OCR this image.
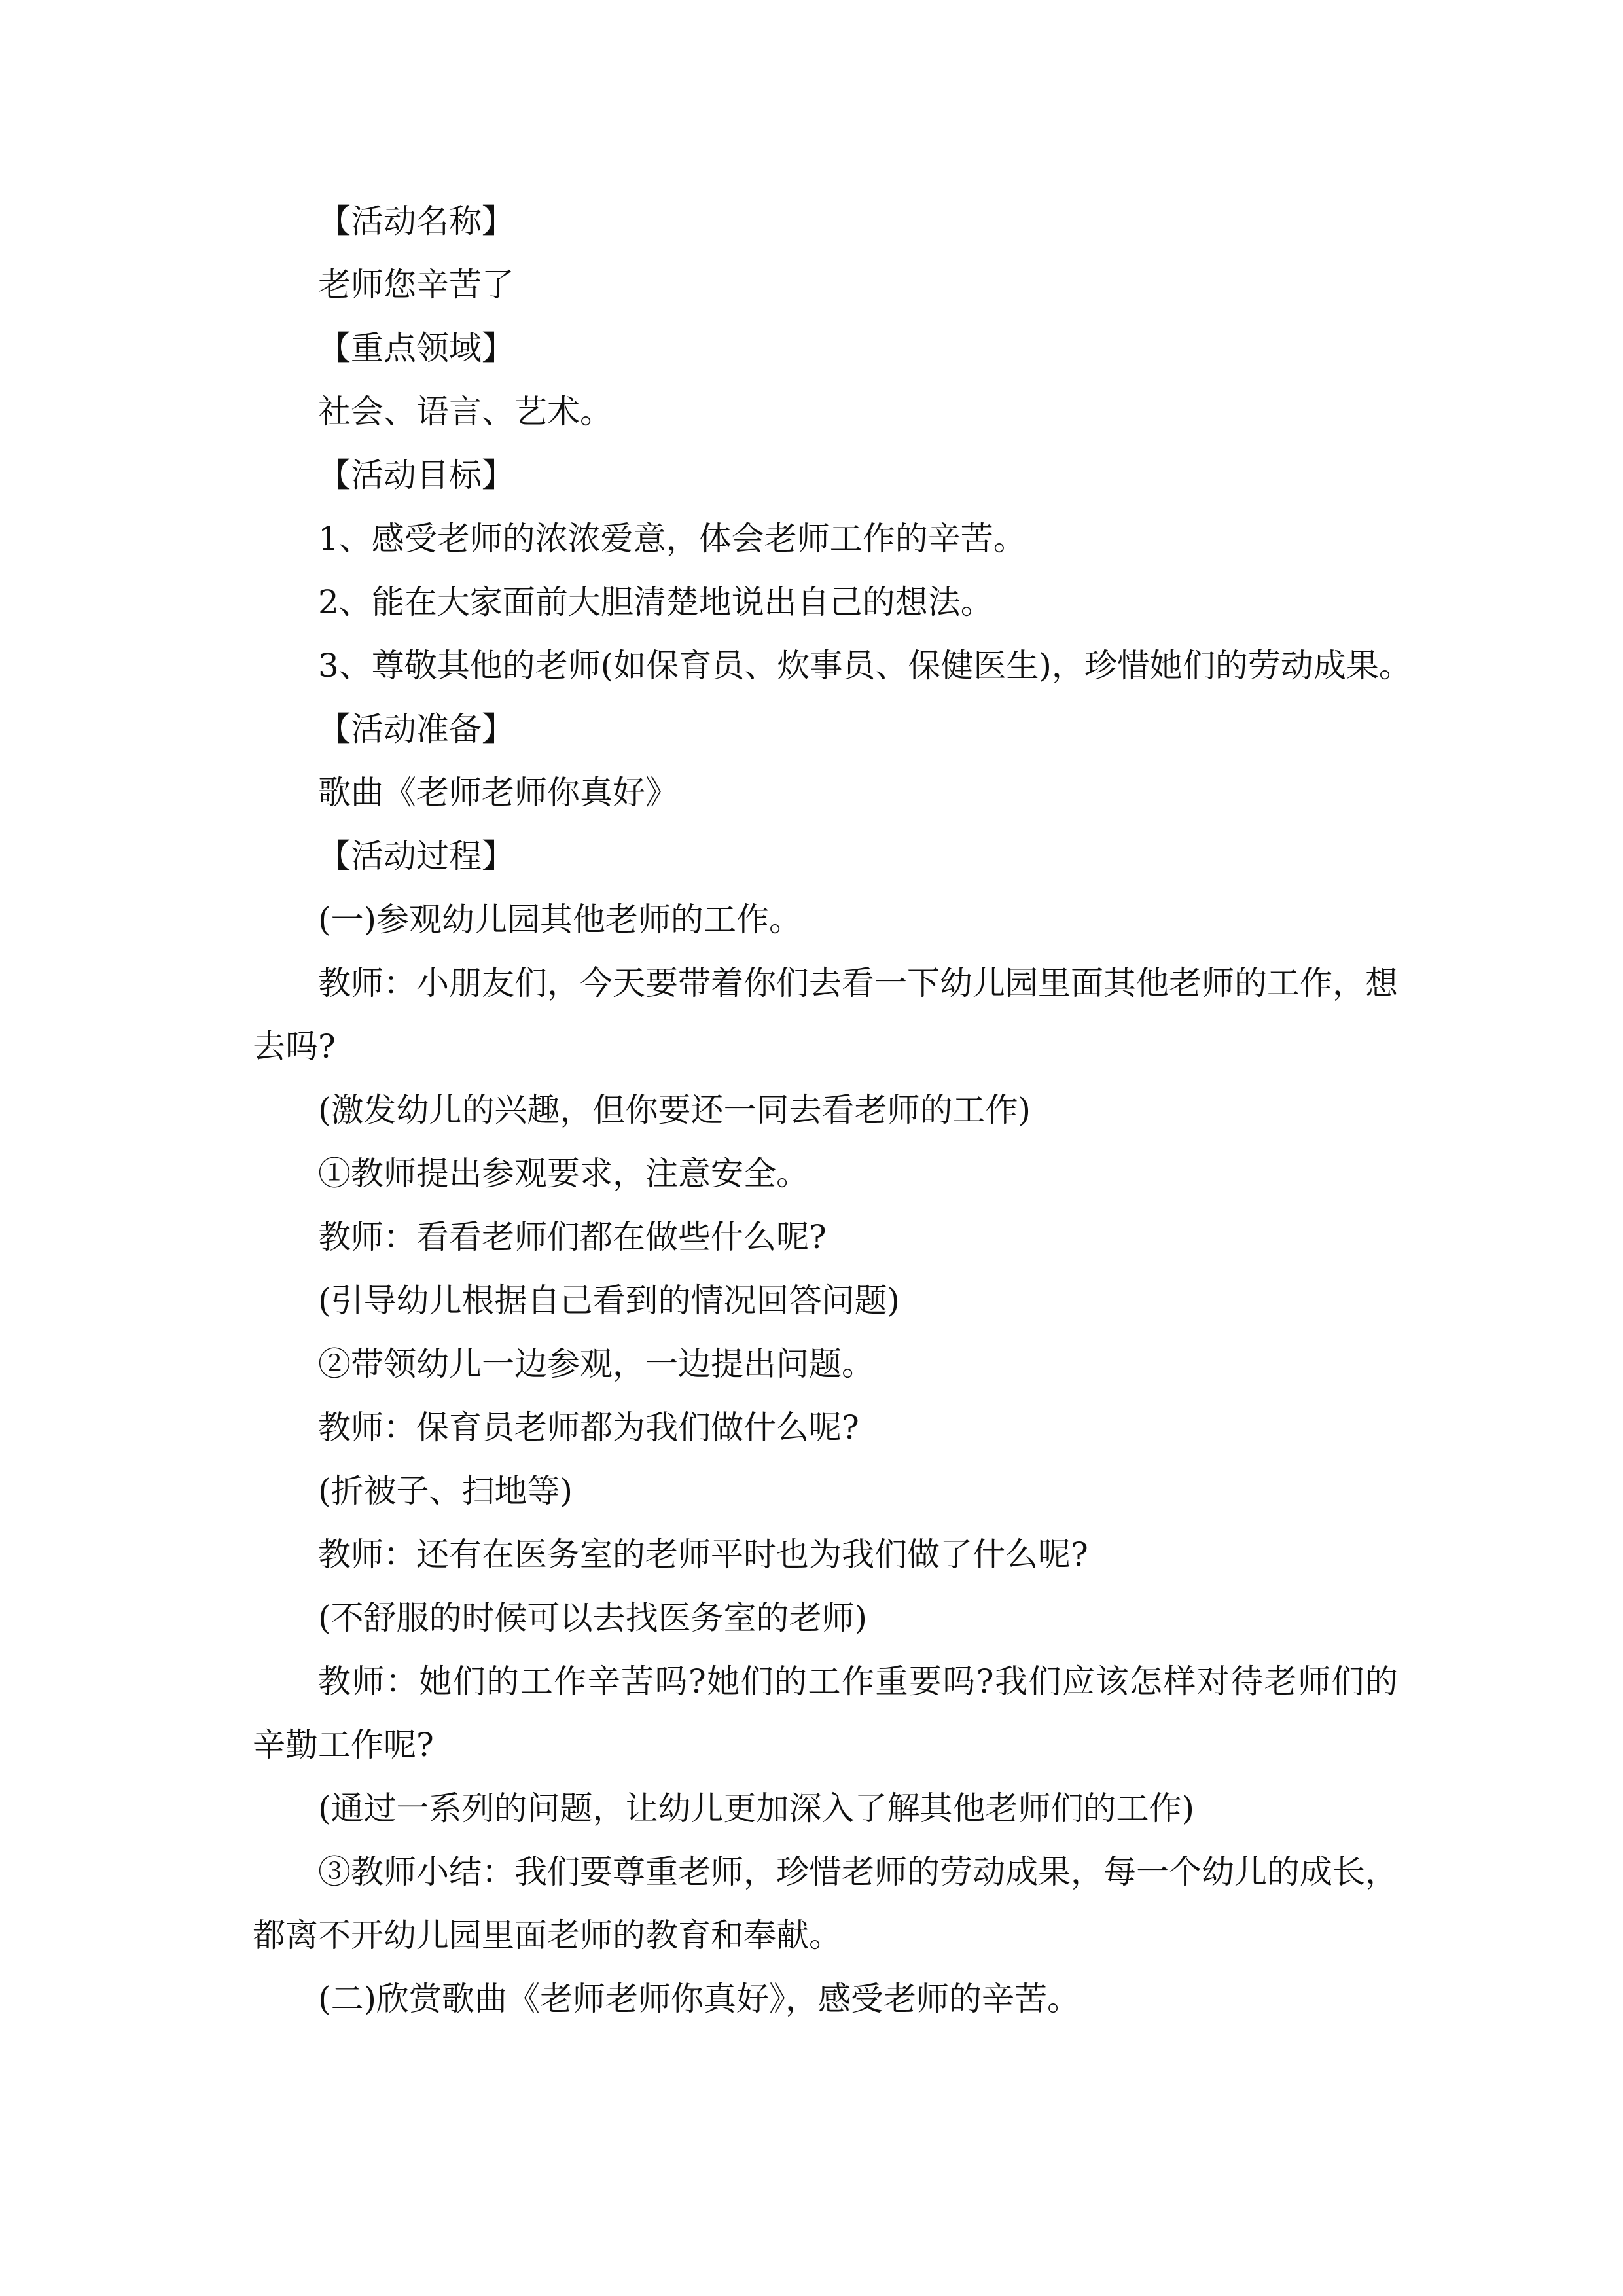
【活动名称】

老师您辛苦了

【重点领域】

社会、语言、艺术。

【活动目标】

1、感受老师的浓浓爱意，体会老师工作的辛苦。

2、能在大家面前大胆清楚地说出自己的想法。

3、尊敬其他的老师(如保育员、炊事员、保健医生)，珍惜她们的劳动成果。

【活动准备】

歌曲《老师老师你真好》

【活动过程】

(一)参观幼儿园其他老师的工作。

教师：小朋友们，今天要带着你们去看一下幼儿园里面其他老师的工作，想去吗?

(激发幼儿的兴趣，但你要还一同去看老师的工作)

①教师提出参观要求，注意安全。

教师：看看老师们都在做些什么呢?

(引导幼儿根据自己看到的情况回答问题)

②带领幼儿一边参观，一边提出问题。

教师：保育员老师都为我们做什么呢?

(折被子、扫地等)

教师：还有在医务室的老师平时也为我们做了什么呢?

(不舒服的时候可以去找医务室的老师)

教师：她们的工作辛苦吗?她们的工作重要吗?我们应该怎样对待老师们的辛勤工作呢?

(通过一系列的问题，让幼儿更加深入了解其他老师们的工作)

③教师小结：我们要尊重老师，珍惜老师的劳动成果，每一个幼儿的成长，都离不开幼儿园里面老师的教育和奉献。

(二)欣赏歌曲《老师老师你真好》，感受老师的辛苦。
